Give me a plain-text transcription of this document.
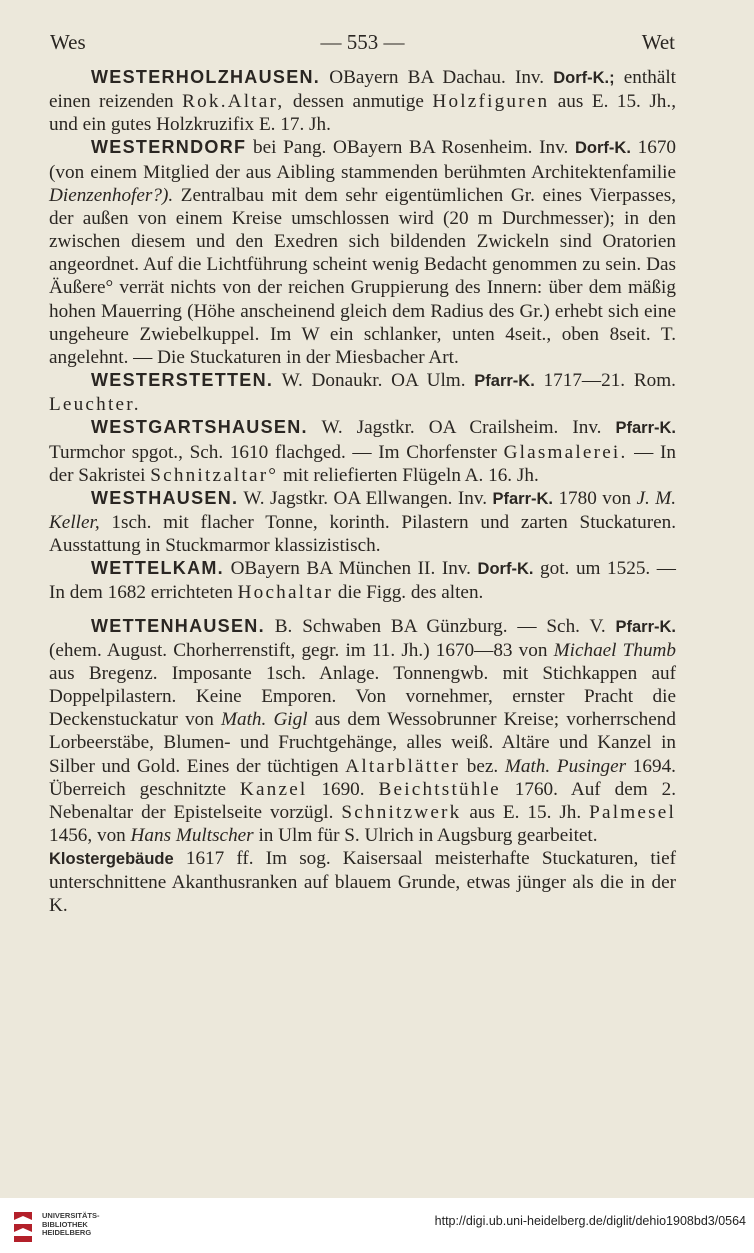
Wes	— 553 —	Wet

WESTERHOLZHAUSEN. OBayern BA Dachau. Inv. Dorf-K.; enthält einen reizenden Rok.Altar, dessen anmutige Holzfiguren aus E. 15. Jh., und ein gutes Holzkruzifix E. 17. Jh.

WESTERNDORF bei Pang. OBayern BA Rosenheim. Inv. Dorf-K. 1670 (von einem Mitglied der aus Aibling stammenden berühmten Architektenfamilie Dienzenhofer?). Zentralbau mit dem sehr eigentümlichen Gr. eines Vierpasses, der außen von einem Kreise umschlossen wird (20 m Durchmesser); in den zwischen diesem und den Exedren sich bildenden Zwickeln sind Oratorien angeordnet. Auf die Lichtführung scheint wenig Bedacht genommen zu sein. Das Äußere° verrät nichts von der reichen Gruppierung des Innern: über dem mäßig hohen Mauerring (Höhe anscheinend gleich dem Radius des Gr.) erhebt sich eine ungeheure Zwiebelkuppel. Im W ein schlanker, unten 4seit., oben 8seit. T. angelehnt. — Die Stuckaturen in der Miesbacher Art.

WESTERSTETTEN. W. Donaukr. OA Ulm. Pfarr-K. 1717—21. Rom. Leuchter.

WESTGARTSHAUSEN. W. Jagstkr. OA Crailsheim. Inv. Pfarr-K. Turmchor spgot., Sch. 1610 flachged. — Im Chorfenster Glasmalerei. — In der Sakristei Schnitzaltar° mit reliefierten Flügeln A. 16. Jh.

WESTHAUSEN. W. Jagstkr. OA Ellwangen. Inv. Pfarr-K. 1780 von J. M. Keller, 1sch. mit flacher Tonne, korinth. Pilastern und zarten Stuckaturen. Ausstattung in Stuckmarmor klassizistisch.

WETTELKAM. OBayern BA München II. Inv. Dorf-K. got. um 1525. — In dem 1682 errichteten Hochaltar die Figg. des alten.

WETTENHAUSEN. B. Schwaben BA Günzburg. — Sch. V. Pfarr-K. (ehem. August. Chorherrenstift, gegr. im 11. Jh.) 1670—83 von Michael Thumb aus Bregenz. Imposante 1sch. Anlage. Tonnengwb. mit Stichkappen auf Doppelpilastern. Keine Emporen. Von vornehmer, ernster Pracht die Deckenstuckatur von Math. Gigl aus dem Wessobrunner Kreise; vorherrschend Lorbeerstäbe, Blumen- und Fruchtgehänge, alles weiß. Altäre und Kanzel in Silber und Gold. Eines der tüchtigen Altarblätter bez. Math. Pusinger 1694. Überreich geschnitzte Kanzel 1690. Beichtstühle 1760. Auf dem 2. Nebenaltar der Epistelseite vorzügl. Schnitzwerk aus E. 15. Jh. Palmesel 1456, von Hans Multscher in Ulm für S. Ulrich in Augsburg gearbeitet.

Klostergebäude 1617 ff. Im sog. Kaisersaal meisterhafte Stuckaturen, tief unterschnittene Akanthusranken auf blauem Grunde, etwas jünger als die in der K.

UNIVERSITÄTS-
BIBLIOTHEK
HEIDELBERG
http://digi.ub.uni-heidelberg.de/diglit/dehio1908bd3/0564
